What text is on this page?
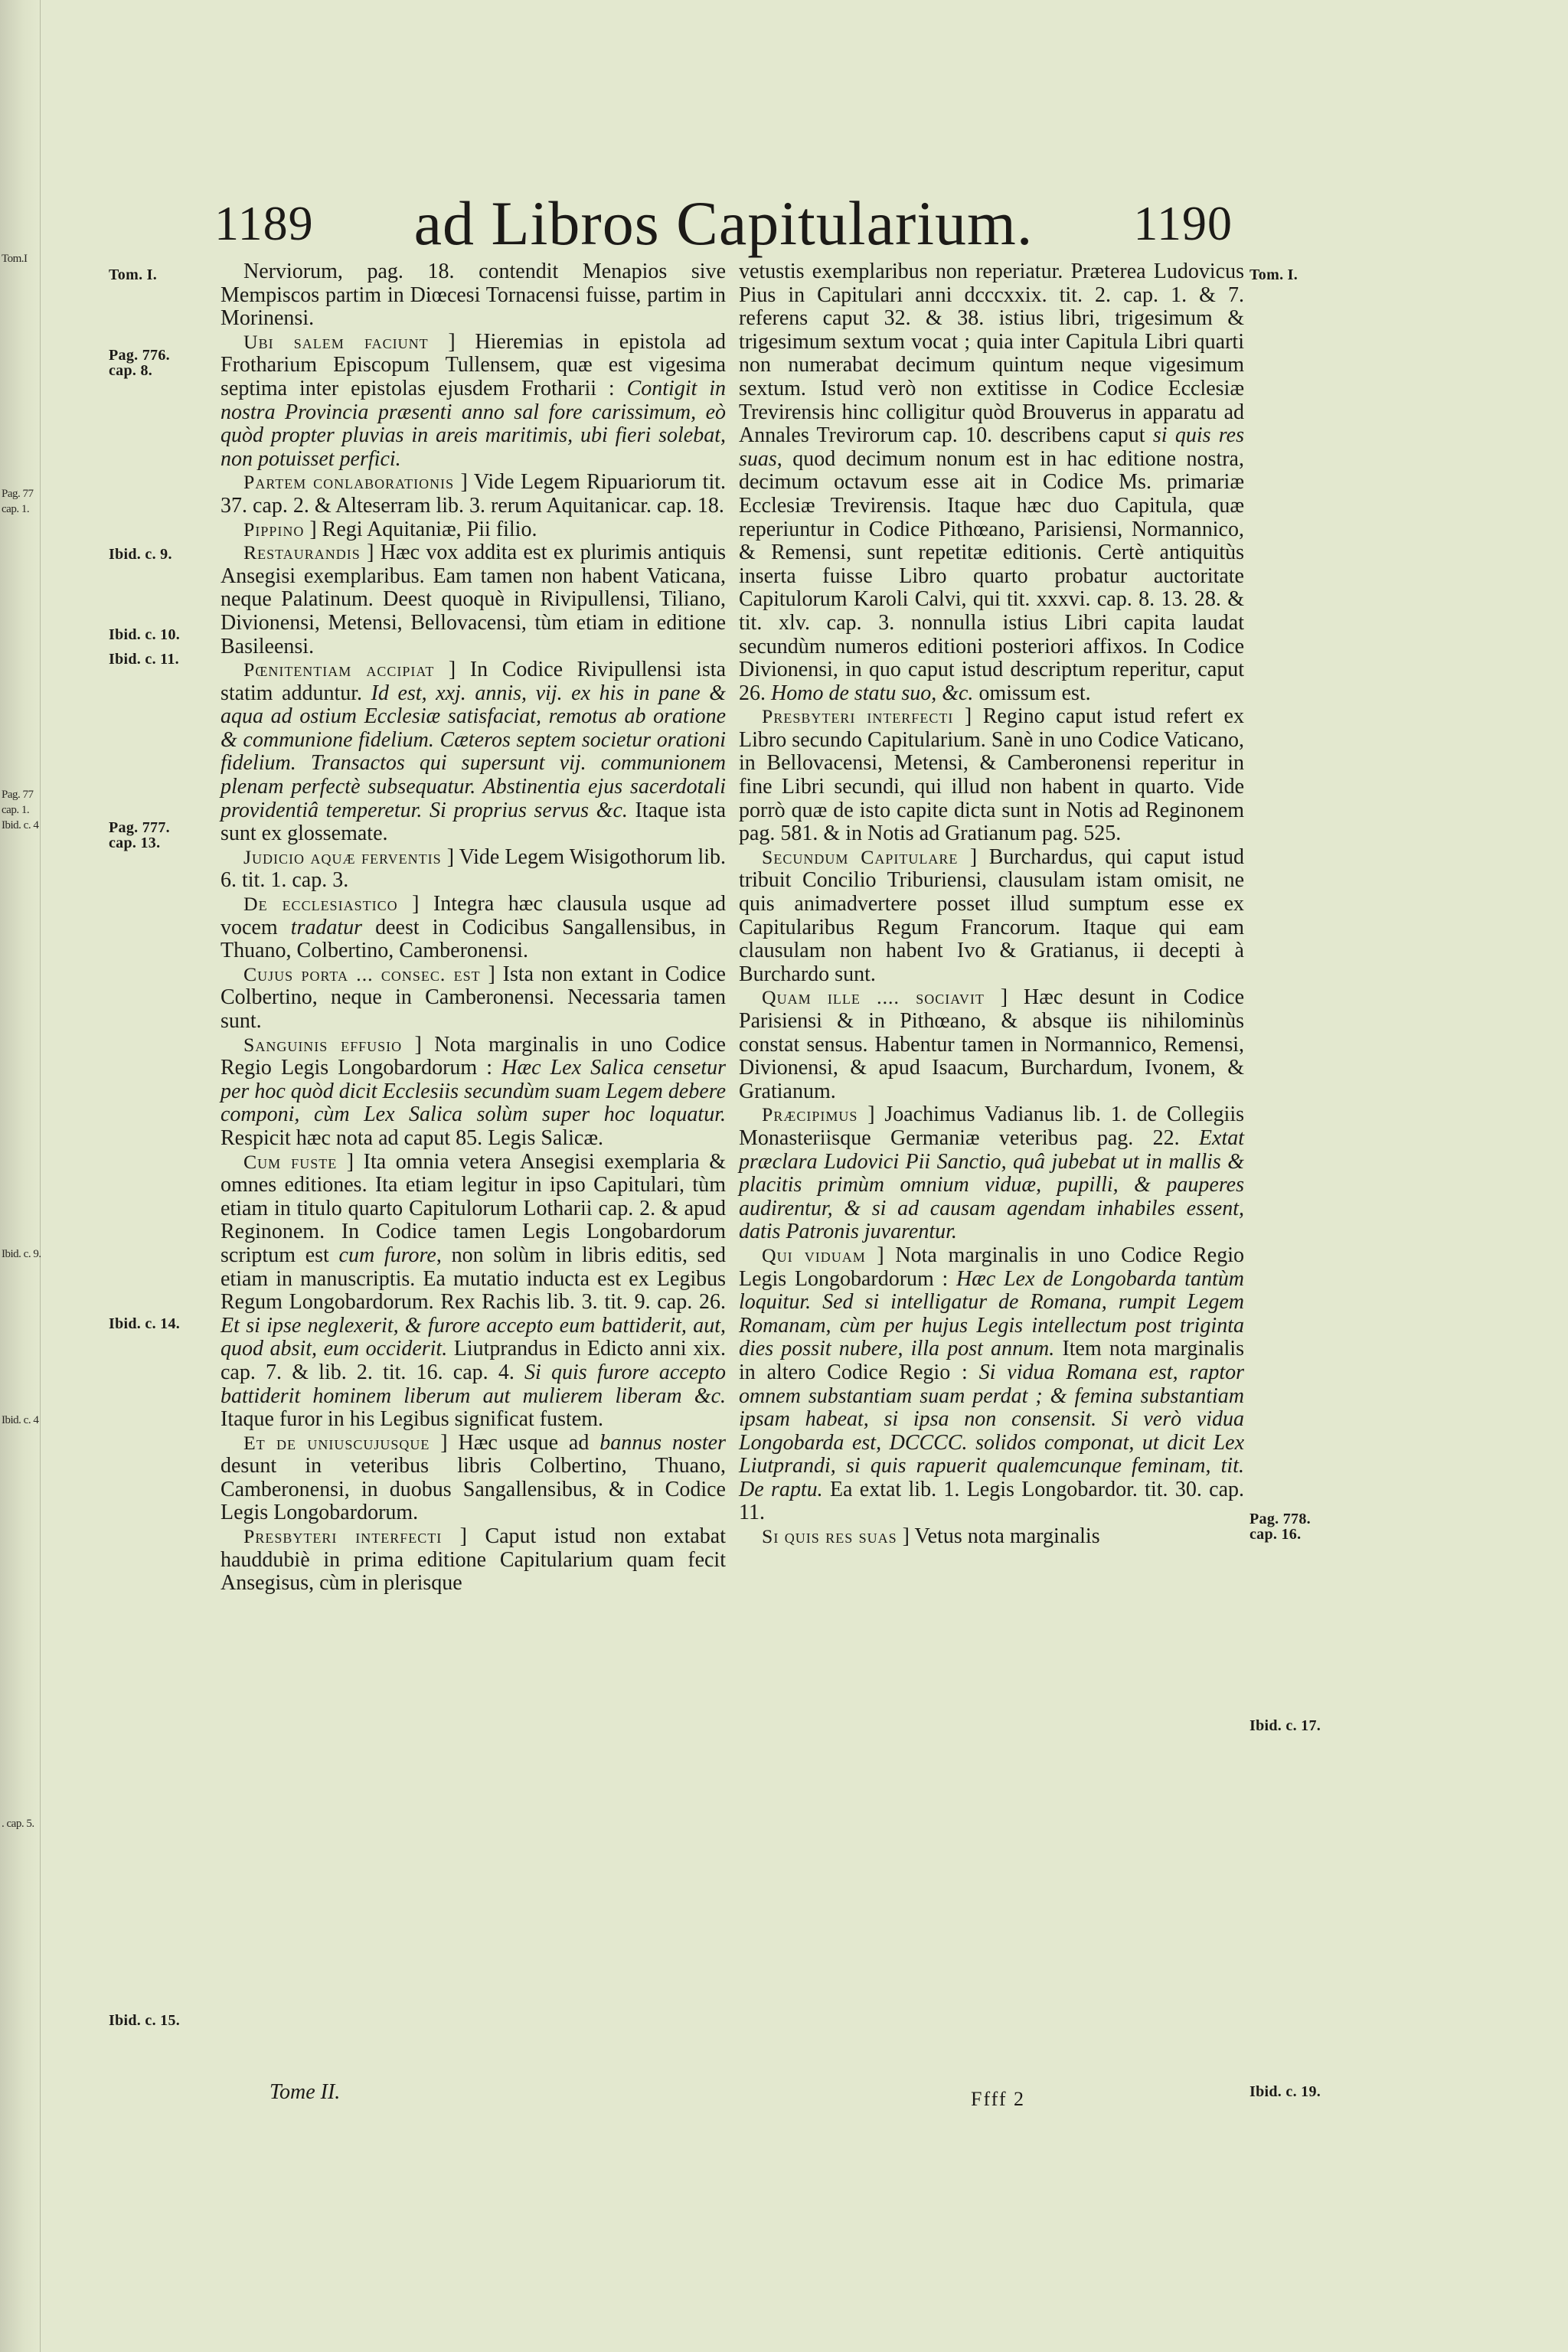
Tom.I
Pag. 77
cap. 1.
Pag. 77
cap. 1.
Ibid. c. 4
Ibid. c. 9.
Ibid. c. 4
. cap. 5.
1189	ad Libros Capitularium.	1190
Tom. I.
Pag. 776.
cap. 8.
Ibid. c. 9.
Ibid. c. 10.
Ibid. c. 11.
Pag. 777.
cap. 13.
Ibid. c. 14.
Ibid. c. 15.
Tom. I.
Pag. 778.
cap. 16.
Ibid. c. 17.
Ibid. c. 19.

Nerviorum, pag. 18. contendit Menapios sive Mempiscos partim in Diœcesi Tornacensi fuisse, partim in Morinensi.

Ubi salem faciunt ] Hieremias in epistola ad Frotharium Episcopum Tullensem, quæ est vigesima septima inter epistolas ejusdem Frotharii : Contigit in nostra Provincia præsenti anno sal fore carissimum, eò quòd propter pluvias in areis maritimis, ubi fieri solebat, non potuisset perfici.

Partem conlaborationis ] Vide Legem Ripuariorum tit. 37. cap. 2. & Alteserram lib. 3. rerum Aquitanicar. cap. 18.

Pippino ] Regi Aquitaniæ, Pii filio.

Restaurandis ] Hæc vox addita est ex plurimis antiquis Ansegisi exemplaribus. Eam tamen non habent Vaticana, neque Palatinum. Deest quoquè in Rivipullensi, Tiliano, Divionensi, Metensi, Bellovacensi, tùm etiam in editione Basileensi.

Pœnitentiam accipiat ] In Codice Rivipullensi ista statim adduntur. Id est, xxj. annis, vij. ex his in pane & aqua ad ostium Ecclesiæ satisfaciat, remotus ab oratione & communione fidelium. Cæteros septem societur orationi fidelium. Transactos qui supersunt vij. communionem plenam perfectè subsequatur. Abstinentia ejus sacerdotali providentiâ temperetur. Si proprius servus &c. Itaque ista sunt ex glossemate.

Judicio aquæ ferventis ] Vide Legem Wisigothorum lib. 6. tit. 1. cap. 3.

De ecclesiastico ] Integra hæc clausula usque ad vocem tradatur deest in Codicibus Sangallensibus, in Thuano, Colbertino, Camberonensi.

Cujus porta ... consec. est ] Ista non extant in Codice Colbertino, neque in Camberonensi. Necessaria tamen sunt.

Sanguinis effusio ] Nota marginalis in uno Codice Regio Legis Longobardorum : Hæc Lex Salica censetur per hoc quòd dicit Ecclesiis secundùm suam Legem debere componi, cùm Lex Salica solùm super hoc loquatur. Respicit hæc nota ad caput 85. Legis Salicæ.

Cum fuste ] Ita omnia vetera Ansegisi exemplaria & omnes editiones. Ita etiam legitur in ipso Capitulari, tùm etiam in titulo quarto Capitulorum Lotharii cap. 2. & apud Reginonem. In Codice tamen Legis Longobardorum scriptum est cum furore, non solùm in libris editis, sed etiam in manuscriptis. Ea mutatio inducta est ex Legibus Regum Longobardorum. Rex Rachis lib. 3. tit. 9. cap. 26. Et si ipse neglexerit, & furore accepto eum battiderit, aut, quod absit, eum occiderit. Liutprandus in Edicto anni xix. cap. 7. & lib. 2. tit. 16. cap. 4. Si quis furore accepto battiderit hominem liberum aut mulierem liberam &c. Itaque furor in his Legibus significat fustem.

Et de uniuscujusque ] Hæc usque ad bannus noster desunt in veteribus libris Colbertino, Thuano, Camberonensi, in duobus Sangallensibus, & in Codice Legis Longobardorum.

Presbyteri interfecti ] Caput istud non extabat hauddubiè in prima editione Capitularium quam fecit Ansegisus, cùm in plerisque

vetustis exemplaribus non reperiatur. Præterea Ludovicus Pius in Capitulari anni dcccxxix. tit. 2. cap. 1. & 7. referens caput 32. & 38. istius libri, trigesimum & trigesimum sextum vocat ; quia inter Capitula Libri quarti non numerabat decimum quintum neque vigesimum sextum. Istud verò non extitisse in Codice Ecclesiæ Trevirensis hinc colligitur quòd Brouverus in apparatu ad Annales Trevirorum cap. 10. describens caput si quis res suas, quod decimum nonum est in hac editione nostra, decimum octavum esse ait in Codice Ms. primariæ Ecclesiæ Trevirensis. Itaque hæc duo Capitula, quæ reperiuntur in Codice Pithœano, Parisiensi, Normannico, & Remensi, sunt repetitæ editionis. Certè antiquitùs inserta fuisse Libro quarto probatur auctoritate Capitulorum Karoli Calvi, qui tit. xxxvi. cap. 8. 13. 28. & tit. xlv. cap. 3. nonnulla istius Libri capita laudat secundùm numeros editioni posteriori affixos. In Codice Divionensi, in quo caput istud descriptum reperitur, caput 26. Homo de statu suo, &c. omissum est.

Presbyteri interfecti ] Regino caput istud refert ex Libro secundo Capitularium. Sanè in uno Codice Vaticano, in Bellovacensi, Metensi, & Camberonensi reperitur in fine Libri secundi, qui illud non habent in quarto. Vide porrò quæ de isto capite dicta sunt in Notis ad Reginonem pag. 581. & in Notis ad Gratianum pag. 525.

Secundum Capitulare ] Burchardus, qui caput istud tribuit Concilio Triburiensi, clausulam istam omisit, ne quis animadvertere posset illud sumptum esse ex Capitularibus Regum Francorum. Itaque qui eam clausulam non habent Ivo & Gratianus, ii decepti à Burchardo sunt.

Quam ille .... sociavit ] Hæc desunt in Codice Parisiensi & in Pithœano, & absque iis nihilominùs constat sensus. Habentur tamen in Normannico, Remensi, Divionensi, & apud Isaacum, Burchardum, Ivonem, & Gratianum.

Præcipimus ] Joachimus Vadianus lib. 1. de Collegiis Monasteriisque Germaniæ veteribus pag. 22. Extat præclara Ludovici Pii Sanctio, quâ jubebat ut in mallis & placitis primùm omnium viduæ, pupilli, & pauperes audirentur, & si ad causam agendam inhabiles essent, datis Patronis juvarentur.

Qui viduam ] Nota marginalis in uno Codice Regio Legis Longobardorum : Hæc Lex de Longobarda tantùm loquitur. Sed si intelligatur de Romana, rumpit Legem Romanam, cùm per hujus Legis intellectum post triginta dies possit nubere, illa post annum. Item nota marginalis in altero Codice Regio : Si vidua Romana est, raptor omnem substantiam suam perdat ; & femina substantiam ipsam habeat, si ipsa non consensit. Si verò vidua Longobarda est, DCCCC. solidos componat, ut dicit Lex Liutprandi, si quis rapuerit qualemcunque feminam, tit. De raptu. Ea extat lib. 1. Legis Longobardor. tit. 30. cap. 11.

Si quis res suas ] Vetus nota marginalis

Tome II.	Ffff 2
